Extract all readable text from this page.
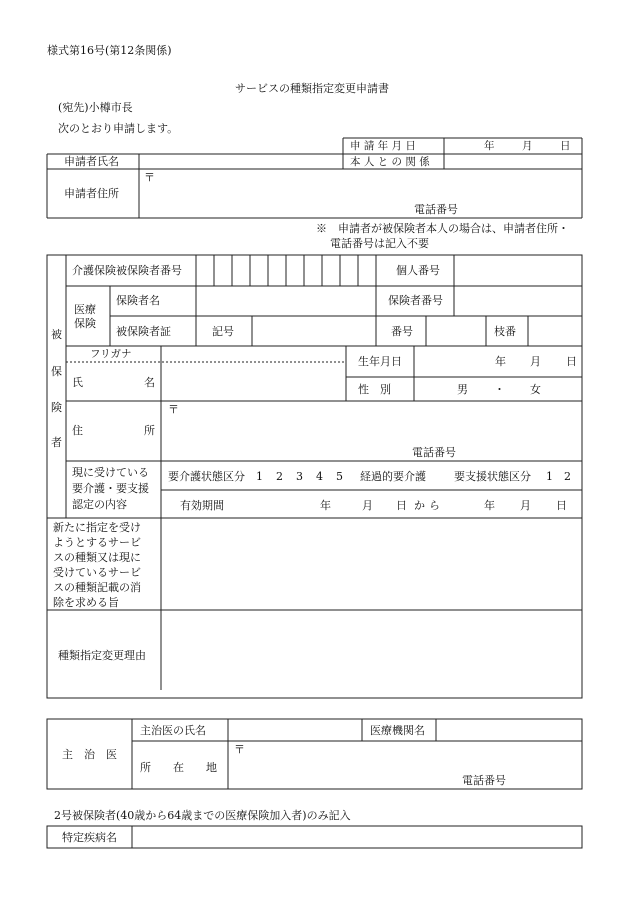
様式第16号(第12条関係)
サービスの種類指定変更申請書
(宛先)小樽市長
次のとおり申請します。
申 請 年 月 日	年	月	日
申請者氏名	本 人 と の 関 係
申請者住所
〒
電話番号
※　申請者が被保険者本人の場合は、申請者住所・
電話番号は記入不要
被
保
険
者
介護保険被保険者番号	個人番号
医療
保険
保険者名	保険者番号
被保険者証	記号	番号	枝番
フリガナ
氏	名
生年月日	年 月 日
性　別	男 ・ 女
住	所
〒
電話番号
現に受けている
要介護・要支援
認定の内容
要介護状態区分 1 2 3 4 5 経過的要介護	要支援状態区分 1 2
有効期間	年	月 日 から	年 月 日
新たに指定を受け
ようとするサービ
スの種類又は現に
受けているサービ
スの種類記載の消
除を求める旨
種類指定変更理由
主　治　医
主治医の氏名	医療機関名
所　　在　　地
〒
電話番号
2号被保険者(40歳から64歳までの医療保険加入者)のみ記入
特定疾病名
